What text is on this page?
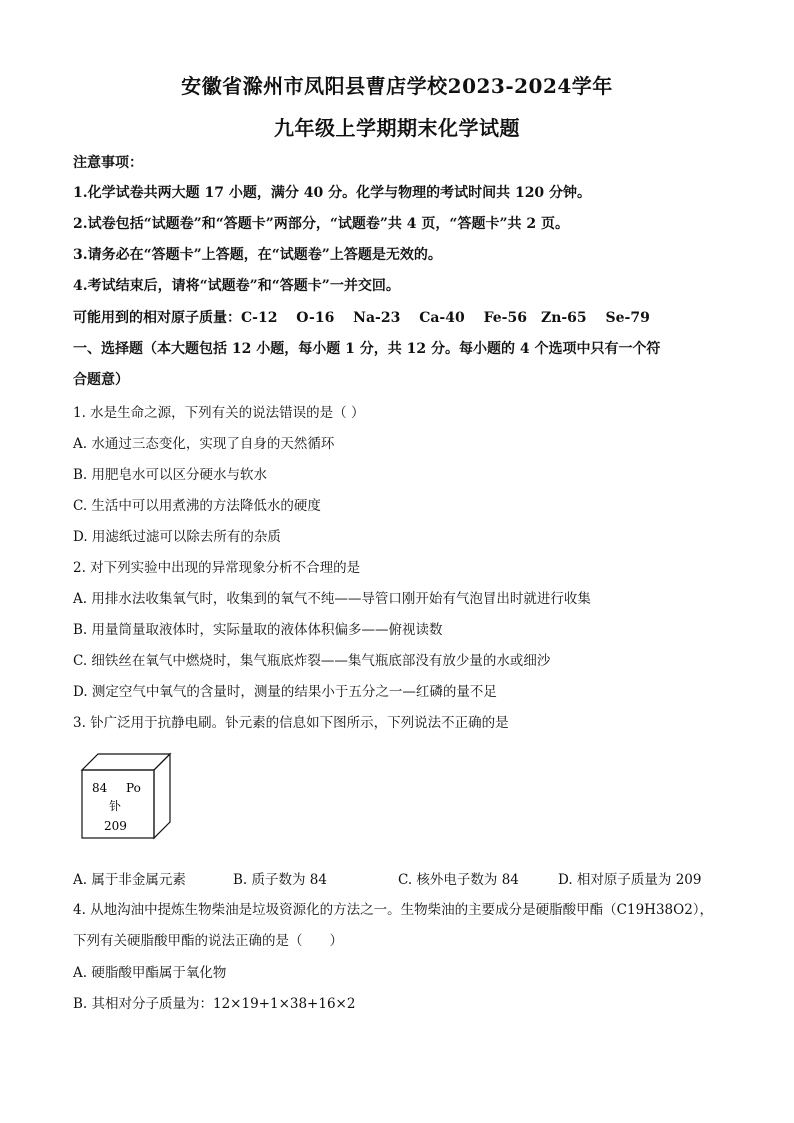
安徽省滁州市凤阳县曹店学校2023-2024学年
九年级上学期期末化学试题
注意事项：
1.化学试卷共两大题 17 小题，满分 40 分。化学与物理的考试时间共 120 分钟。
2.试卷包括“试题卷”和“答题卡”两部分，“试题卷”共 4 页，“答题卡”共 2 页。
3.请务必在“答题卡”上答题，在“试题卷”上答题是无效的。
4.考试结束后，请将“试题卷”和“答题卡”一并交回。
可能用到的相对原子质量：C-12　 O-16　 Na-23　 Ca-40　 Fe-56　Zn-65　 Se-79
一、选择题（本大题包括 12 小题，每小题 1 分，共 12 分。每小题的 4 个选项中只有一个符
合题意）
1. 水是生命之源，下列有关的说法错误的是（ ）
A. 水通过三态变化，实现了自身的天然循环
B. 用肥皂水可以区分硬水与软水
C. 生活中可以用煮沸的方法降低水的硬度
D. 用滤纸过滤可以除去所有的杂质
2. 对下列实验中出现的异常现象分析不合理的是
A. 用排水法收集氧气时，收集到的氧气不纯——导管口刚开始有气泡冒出时就进行收集
B. 用量筒量取液体时，实际量取的液体体积偏多——俯视读数
C. 细铁丝在氧气中燃烧时，集气瓶底炸裂——集气瓶底部没有放少量的水或细沙
D. 测定空气中氧气的含量时，测量的结果小于五分之一—红磷的量不足
3. 钋广泛用于抗静电刷。钋元素的信息如下图所示，下列说法不正确的是
84 Po
钋
209
A. 属于非金属元素	B. 质子数为 84	C. 核外电子数为 84	D. 相对原子质量为 209
4. 从地沟油中提炼生物柴油是垃圾资源化的方法之一。生物柴油的主要成分是硬脂酸甲酯（C19H38O2），
下列有关硬脂酸甲酯的说法正确的是（　　）
A. 硬脂酸甲酯属于氧化物
B. 其相对分子质量为：12×19+1×38+16×2
